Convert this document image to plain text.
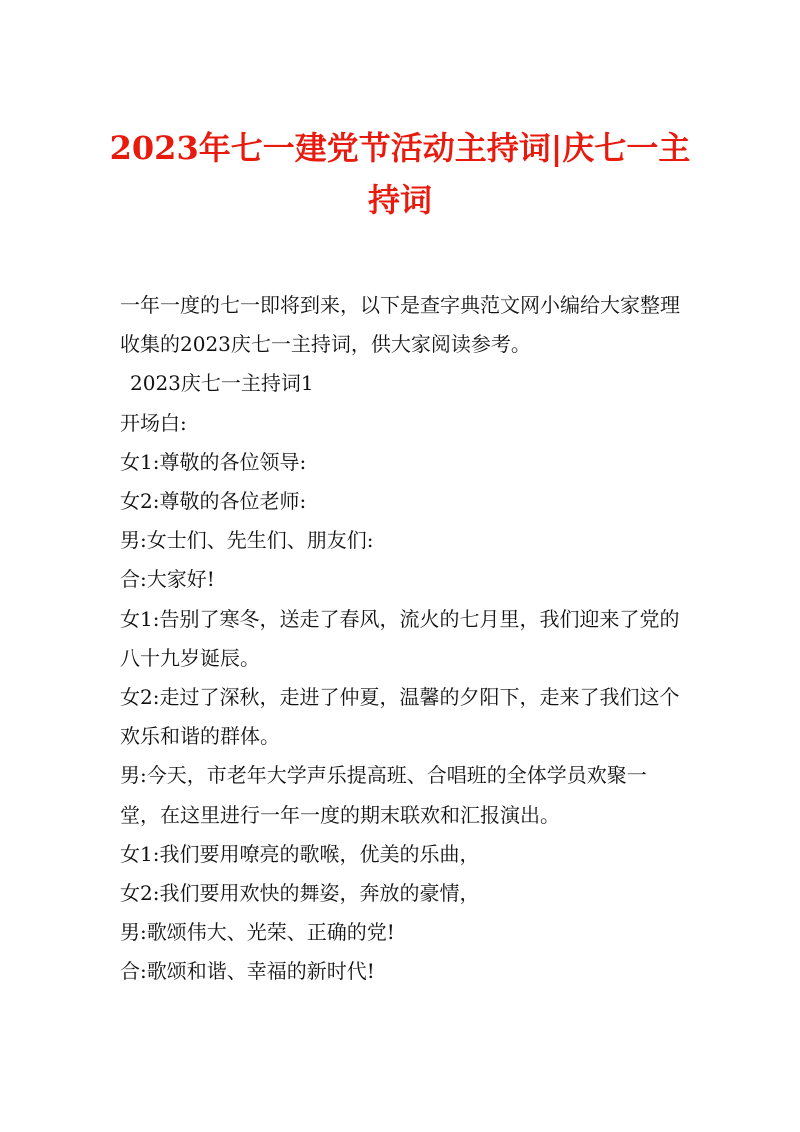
2023年七一建党节活动主持词|庆七一主持词

一年一度的七一即将到来，以下是查字典范文网小编给大家整理收集的2023庆七一主持词，供大家阅读参考。

2023庆七一主持词1

开场白:

女1:尊敬的各位领导:

女2:尊敬的各位老师:

男:女士们、先生们、朋友们:

合:大家好!

女1:告别了寒冬，送走了春风，流火的七月里，我们迎来了党的八十九岁诞辰。

女2:走过了深秋，走进了仲夏，温馨的夕阳下，走来了我们这个欢乐和谐的群体。

男:今天，市老年大学声乐提高班、合唱班的全体学员欢聚一堂，在这里进行一年一度的期末联欢和汇报演出。

女1:我们要用嘹亮的歌喉，优美的乐曲，

女2:我们要用欢快的舞姿，奔放的豪情，

男:歌颂伟大、光荣、正确的党!

合:歌颂和谐、幸福的新时代!
